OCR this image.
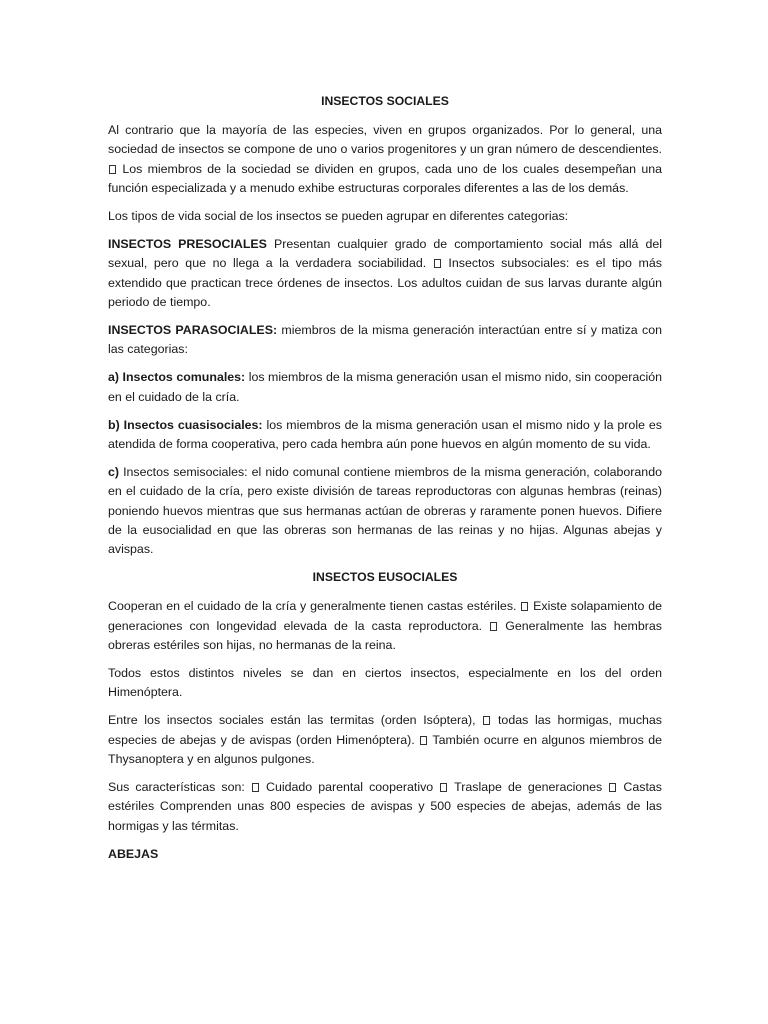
INSECTOS SOCIALES

Al contrario que la mayoría de las especies, viven en grupos organizados. Por lo general, una sociedad de insectos se compone de uno o varios progenitores y un gran número de descendientes.  Los miembros de la sociedad se dividen en grupos, cada uno de los cuales desempeñan una función especializada y a menudo exhibe estructuras corporales diferentes a las de los demás.

Los tipos de vida social de los insectos se pueden agrupar en diferentes categorias:

INSECTOS PRESOCIALES Presentan cualquier grado de comportamiento social más allá del sexual, pero que no llega a la verdadera sociabilidad. Insectos subsociales: es el tipo más extendido que practican trece órdenes de insectos. Los adultos cuidan de sus larvas durante algún periodo de tiempo.

INSECTOS PARASOCIALES: miembros de la misma generación interactúan entre sí y matiza con las categorias:

a) Insectos comunales: los miembros de la misma generación usan el mismo nido, sin cooperación en el cuidado de la cría.

b) Insectos cuasisociales: los miembros de la misma generación usan el mismo nido y la prole es atendida de forma cooperativa, pero cada hembra aún pone huevos en algún momento de su vida.

c) Insectos semisociales: el nido comunal contiene miembros de la misma generación, colaborando en el cuidado de la cría, pero existe división de tareas reproductoras con algunas hembras (reinas) poniendo huevos mientras que sus hermanas actúan de obreras y raramente ponen huevos. Difiere de la eusocialidad en que las obreras son hermanas de las reinas y no hijas. Algunas abejas y avispas.

INSECTOS EUSOCIALES

Cooperan en el cuidado de la cría y generalmente tienen castas estériles. Existe solapamiento de generaciones con longevidad elevada de la casta reproductora. Generalmente las hembras obreras estériles son hijas, no hermanas de la reina.

Todos estos distintos niveles se dan en ciertos insectos, especialmente en los del orden Himenóptera.

Entre los insectos sociales están las termitas (orden Isóptera), todas las hormigas, muchas especies de abejas y de avispas (orden Himenóptera). También ocurre en algunos miembros de Thysanoptera y en algunos pulgones.

Sus características son: Cuidado parental cooperativo Traslape de generaciones Castas estériles Comprenden unas 800 especies de avispas y 500 especies de abejas, además de las hormigas y las térmitas.

ABEJAS
